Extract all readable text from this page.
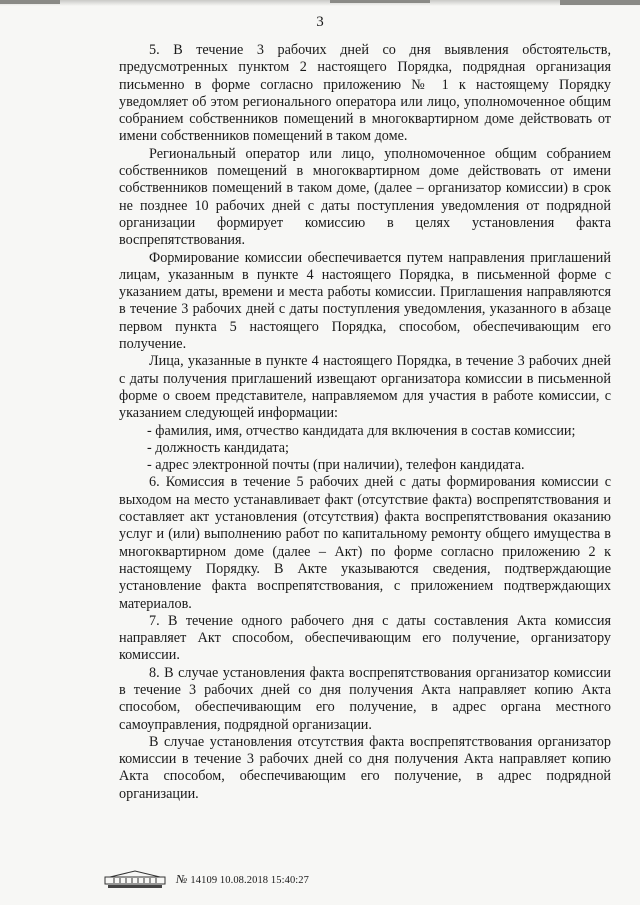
3

5. В течение 3 рабочих дней со дня выявления обстоятельств, предусмотренных пунктом 2 настоящего Порядка, подрядная организация письменно в форме согласно приложению № 1 к настоящему Порядку уведомляет об этом регионального оператора или лицо, уполномоченное общим собранием собственников помещений в многоквартирном доме действовать от имени собственников помещений в таком доме.

Региональный оператор или лицо, уполномоченное общим собранием собственников помещений в многоквартирном доме действовать от имени собственников помещений в таком доме, (далее – организатор комиссии) в срок не позднее 10 рабочих дней с даты поступления уведомления от подрядной организации формирует комиссию в целях установления факта воспрепятствования.

Формирование комиссии обеспечивается путем направления приглашений лицам, указанным в пункте 4 настоящего Порядка, в письменной форме с указанием даты, времени и места работы комиссии. Приглашения направляются в течение 3 рабочих дней с даты поступления уведомления, указанного в абзаце первом пункта 5 настоящего Порядка, способом, обеспечивающим его получение.

Лица, указанные в пункте 4 настоящего Порядка, в течение 3 рабочих дней с даты получения приглашений извещают организатора комиссии в письменной форме о своем представителе, направляемом для участия в работе комиссии, с указанием следующей информации:

- фамилия, имя, отчество кандидата для включения в состав комиссии;

- должность кандидата;

- адрес электронной почты (при наличии), телефон кандидата.

6. Комиссия в течение 5 рабочих дней с даты формирования комиссии с выходом на место устанавливает факт (отсутствие факта) воспрепятствования и составляет акт установления (отсутствия) факта воспрепятствования оказанию услуг и (или) выполнению работ по капитальному ремонту общего имущества в многоквартирном доме (далее – Акт) по форме согласно приложению 2 к настоящему Порядку. В Акте указываются сведения, подтверждающие установление факта воспрепятствования, с приложением подтверждающих материалов.

7. В течение одного рабочего дня с даты составления Акта комиссия направляет Акт способом, обеспечивающим его получение, организатору комиссии.

8. В случае установления факта воспрепятствования организатор комиссии в течение 3 рабочих дней со дня получения Акта направляет копию Акта способом, обеспечивающим его получение, в адрес органа местного самоуправления, подрядной организации.

В случае установления отсутствия факта воспрепятствования организатор комиссии в течение 3 рабочих дней со дня получения Акта направляет копию Акта способом, обеспечивающим его получение, в адрес подрядной организации.

№ 14109 10.08.2018 15:40:27
